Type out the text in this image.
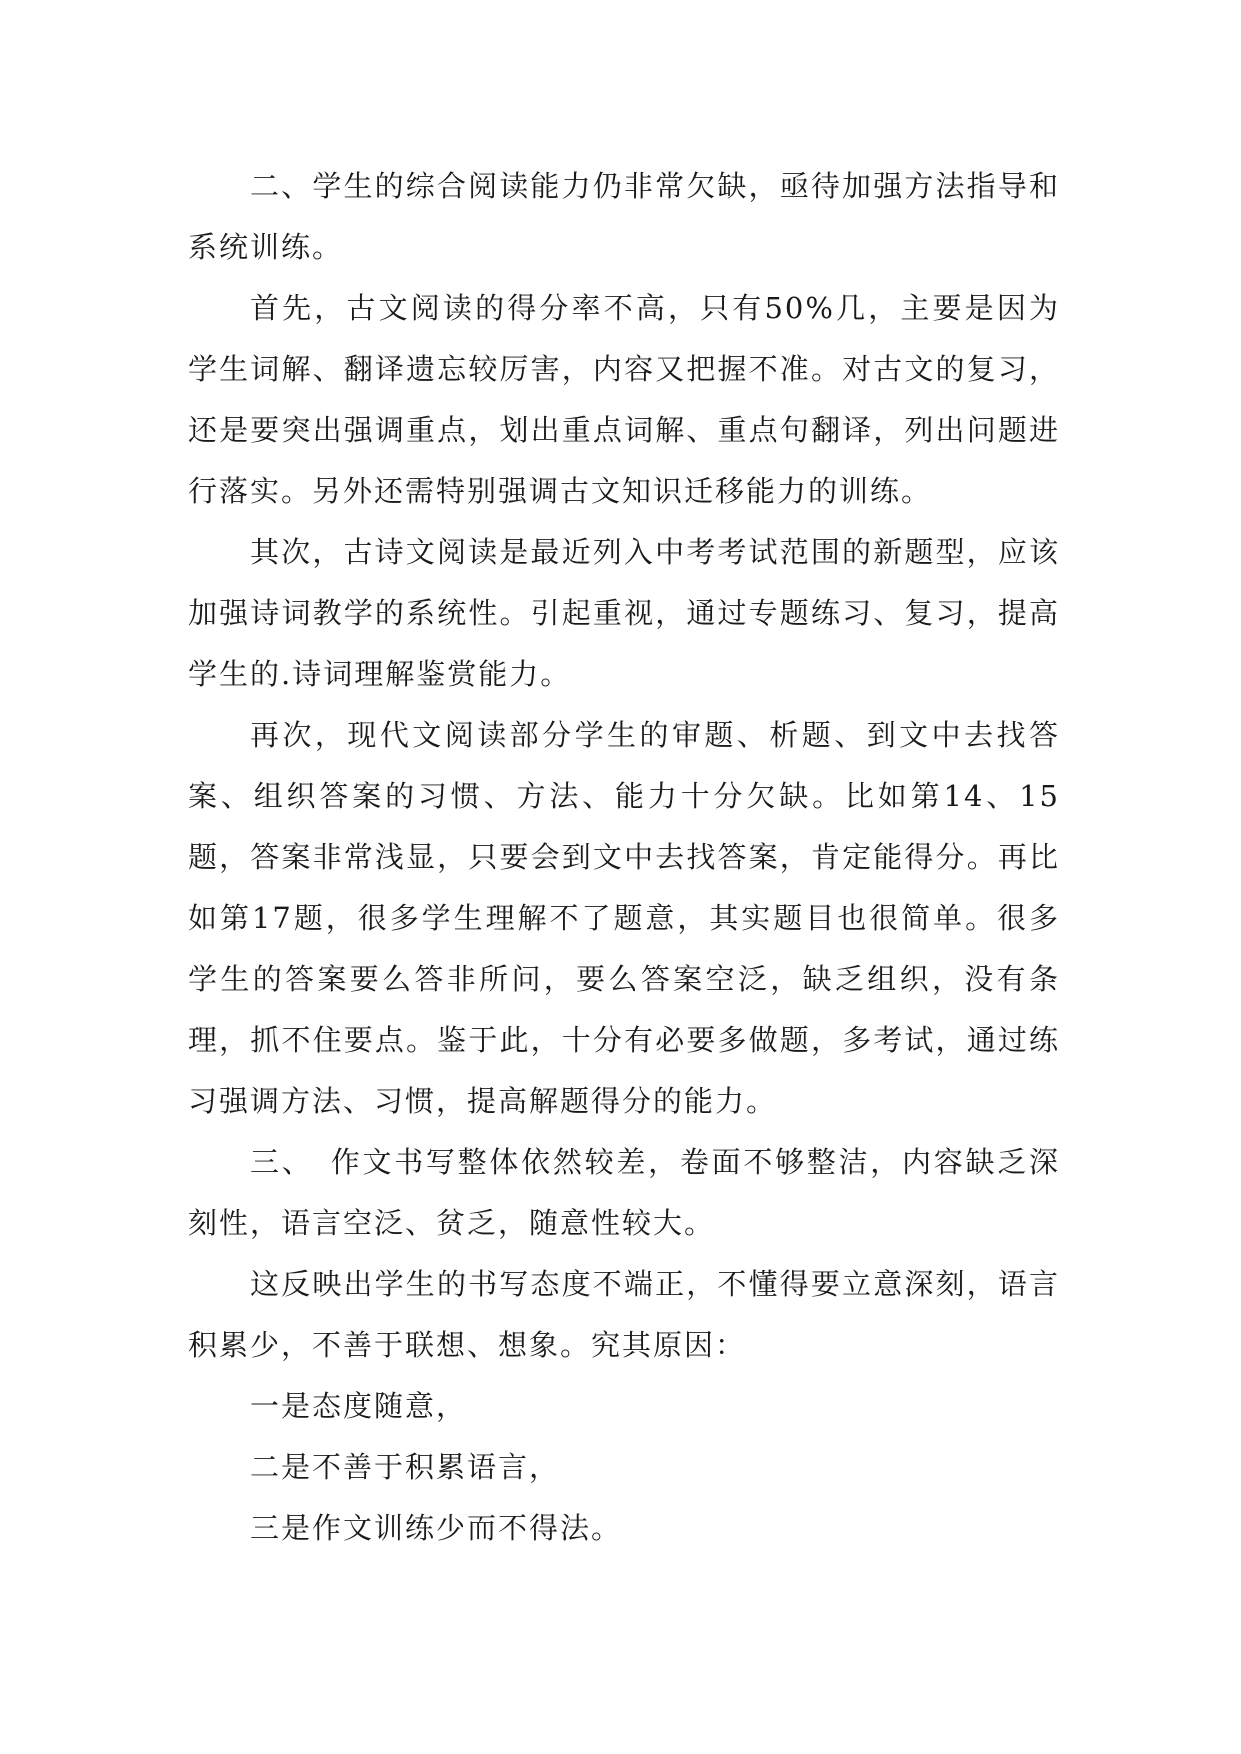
二、学生的综合阅读能力仍非常欠缺，亟待加强方法指导和系统训练。

首先，古文阅读的得分率不高，只有50%几，主要是因为学生词解、翻译遗忘较厉害，内容又把握不准。对古文的复习，还是要突出强调重点，划出重点词解、重点句翻译，列出问题进行落实。另外还需特别强调古文知识迁移能力的训练。

其次，古诗文阅读是最近列入中考考试范围的新题型，应该加强诗词教学的系统性。引起重视，通过专题练习、复习，提高学生的.诗词理解鉴赏能力。

再次，现代文阅读部分学生的审题、析题、到文中去找答案、组织答案的习惯、方法、能力十分欠缺。比如第14、15题，答案非常浅显，只要会到文中去找答案，肯定能得分。再比如第17题，很多学生理解不了题意，其实题目也很简单。很多学生的答案要么答非所问，要么答案空泛，缺乏组织，没有条理，抓不住要点。鉴于此，十分有必要多做题，多考试，通过练习强调方法、习惯，提高解题得分的能力。

三、　作文书写整体依然较差，卷面不够整洁，内容缺乏深刻性，语言空泛、贫乏，随意性较大。

这反映出学生的书写态度不端正，不懂得要立意深刻，语言积累少，不善于联想、想象。究其原因：

一是态度随意，

二是不善于积累语言，

三是作文训练少而不得法。
